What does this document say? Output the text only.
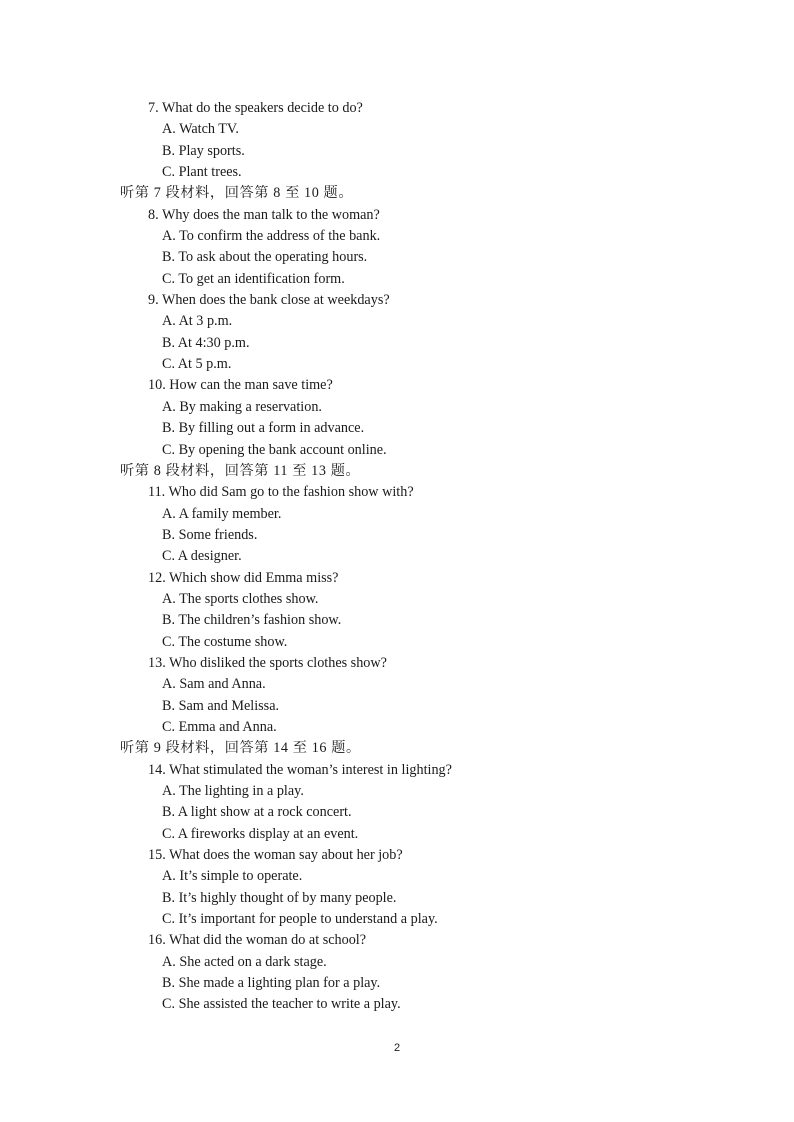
7. What do the speakers decide to do?
A. Watch TV.
B. Play sports.
C. Plant trees.
听第 7 段材料，回答第 8 至 10 题。
8. Why does the man talk to the woman?
A. To confirm the address of the bank.
B. To ask about the operating hours.
C. To get an identification form.
9. When does the bank close at weekdays?
A. At 3 p.m.
B. At 4:30 p.m.
C. At 5 p.m.
10. How can the man save time?
A. By making a reservation.
B. By filling out a form in advance.
C. By opening the bank account online.
听第 8 段材料，回答第 11 至 13 题。
11. Who did Sam go to the fashion show with?
A. A family member.
B. Some friends.
C. A designer.
12. Which show did Emma miss?
A. The sports clothes show.
B. The children’s fashion show.
C. The costume show.
13. Who disliked the sports clothes show?
A. Sam and Anna.
B. Sam and Melissa.
C. Emma and Anna.
听第 9 段材料，回答第 14 至 16 题。
14. What stimulated the woman’s interest in lighting?
A. The lighting in a play.
B. A light show at a rock concert.
C. A fireworks display at an event.
15. What does the woman say about her job?
A. It’s simple to operate.
B. It’s highly thought of by many people.
C. It’s important for people to understand a play.
16. What did the woman do at school?
A. She acted on a dark stage.
B. She made a lighting plan for a play.
C. She assisted the teacher to write a play.
2
